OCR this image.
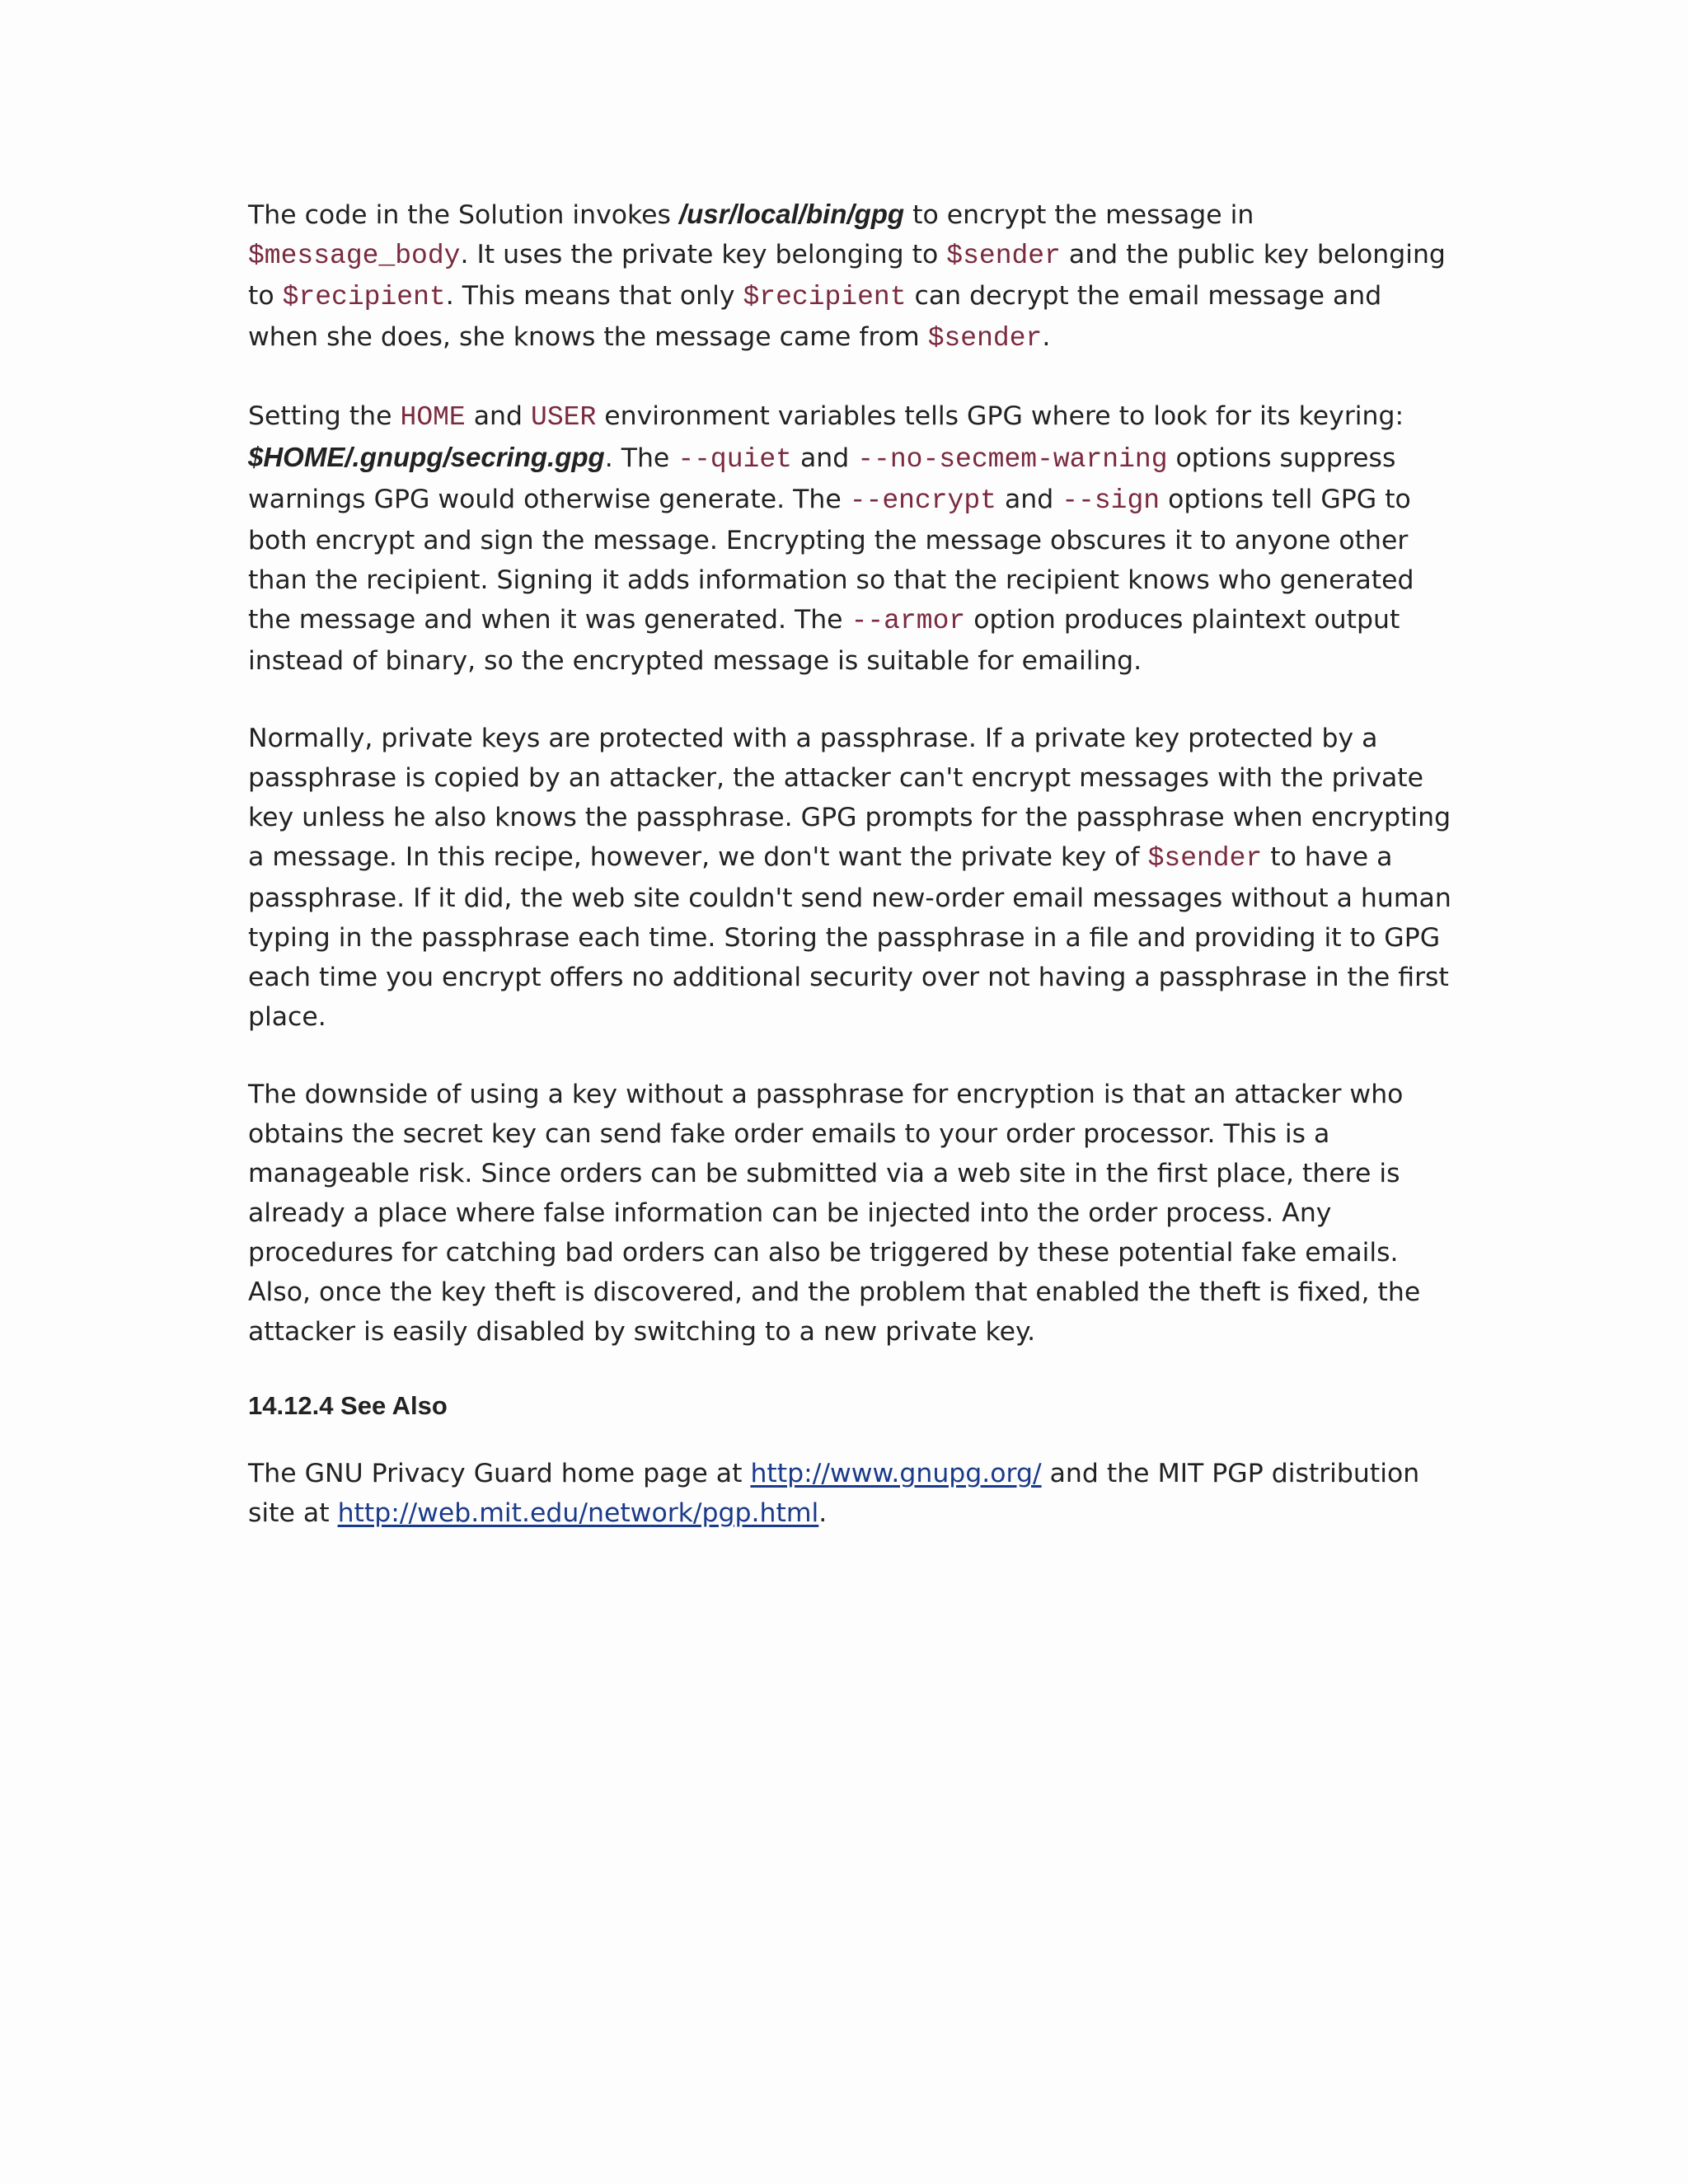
The code in the Solution invokes /usr/local/bin/gpg to encrypt the message in $message_body. It uses the private key belonging to $sender and the public key belonging to $recipient. This means that only $recipient can decrypt the email message and when she does, she knows the message came from $sender.

Setting the HOME and USER environment variables tells GPG where to look for its keyring: $HOME/.gnupg/secring.gpg. The --quiet and --no-secmem-warning options suppress warnings GPG would otherwise generate. The --encrypt and --sign options tell GPG to both encrypt and sign the message. Encrypting the message obscures it to anyone other than the recipient. Signing it adds information so that the recipient knows who generated the message and when it was generated. The --armor option produces plaintext output instead of binary, so the encrypted message is suitable for emailing.

Normally, private keys are protected with a passphrase. If a private key protected by a passphrase is copied by an attacker, the attacker can't encrypt messages with the private key unless he also knows the passphrase. GPG prompts for the passphrase when encrypting a message. In this recipe, however, we don't want the private key of $sender to have a passphrase. If it did, the web site couldn't send new-order email messages without a human typing in the passphrase each time. Storing the passphrase in a file and providing it to GPG each time you encrypt offers no additional security over not having a passphrase in the first place.

The downside of using a key without a passphrase for encryption is that an attacker who obtains the secret key can send fake order emails to your order processor. This is a manageable risk. Since orders can be submitted via a web site in the first place, there is already a place where false information can be injected into the order process. Any procedures for catching bad orders can also be triggered by these potential fake emails. Also, once the key theft is discovered, and the problem that enabled the theft is fixed, the attacker is easily disabled by switching to a new private key.

14.12.4 See Also

The GNU Privacy Guard home page at http://www.gnupg.org/ and the MIT PGP distribution site at http://web.mit.edu/network/pgp.html.
